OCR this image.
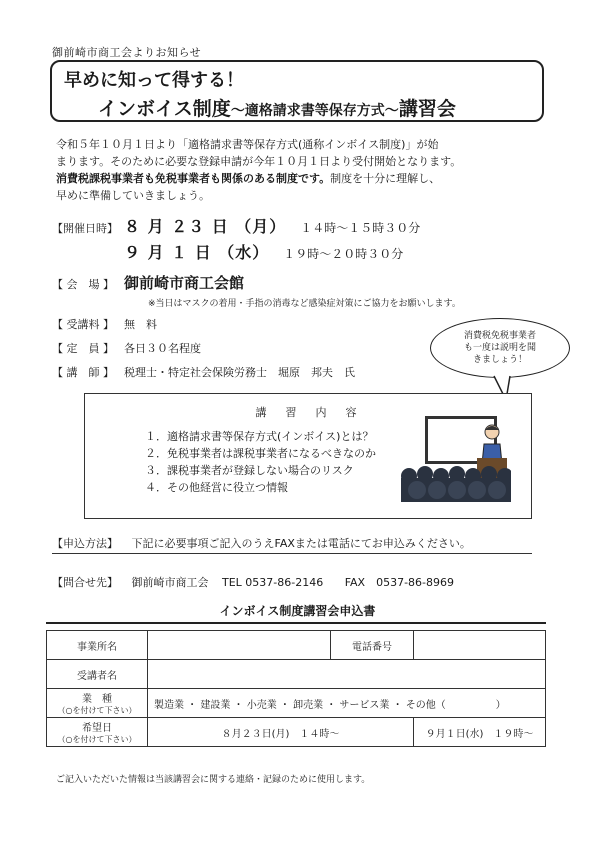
御前崎市商工会よりお知らせ
早めに知って得する！
インボイス制度～適格請求書等保存方式～講習会

令和５年１０月１日より「適格請求書等保存方式(通称インボイス制度)」が始

まります。そのために必要な登録申請が今年１０月１日より受付開始となります。

消費税課税事業者も免税事業者も関係のある制度です。制度を十分に理解し、

早めに準備していきましょう。

【開催日時】 ８ 月 ２３ 日 （月） １４時～１５時３０分
９ 月 １ 日 （水） １９時～２０時３０分
【 会　場 】 御前崎市商工会館
※当日はマスクの着用・手指の消毒など感染症対策にご協力をお願いします。
【 受講料 】 無　料
【 定　員 】 各日３０名程度
【 講　師 】 税理士・特定社会保険労務士　堀原　邦夫　氏
消費税免税事業者
も一度は説明を聞
きましょう！
講　習　内　容
１．適格請求書等保存方式(インボイス)とは？
２．免税事業者は課税事業者になるべきなのか
３．課税事業者が登録しない場合のリスク
４．その他経営に役立つ情報
【申込方法】 下記に必要事項ご記入のうえFAXまたは電話にてお申込みください。
【問合せ先】 御前崎市商工会 TEL 0537-86-2146 FAX　0537-86-8969
インボイス制度講習会申込書
事業所名		電話番号	
受講者名			

業　種
（○を付けて下さい）	製造業 ・ 建設業 ・ 小売業 ・ 卸売業 ・ サービス業 ・ その他（　　　　　）		

希望日
（○を付けて下さい）	８月２３日(月)　１４時～		９月１日(水)　１９時～
ご記入いただいた情報は当該講習会に関する連絡・記録のために使用します。
